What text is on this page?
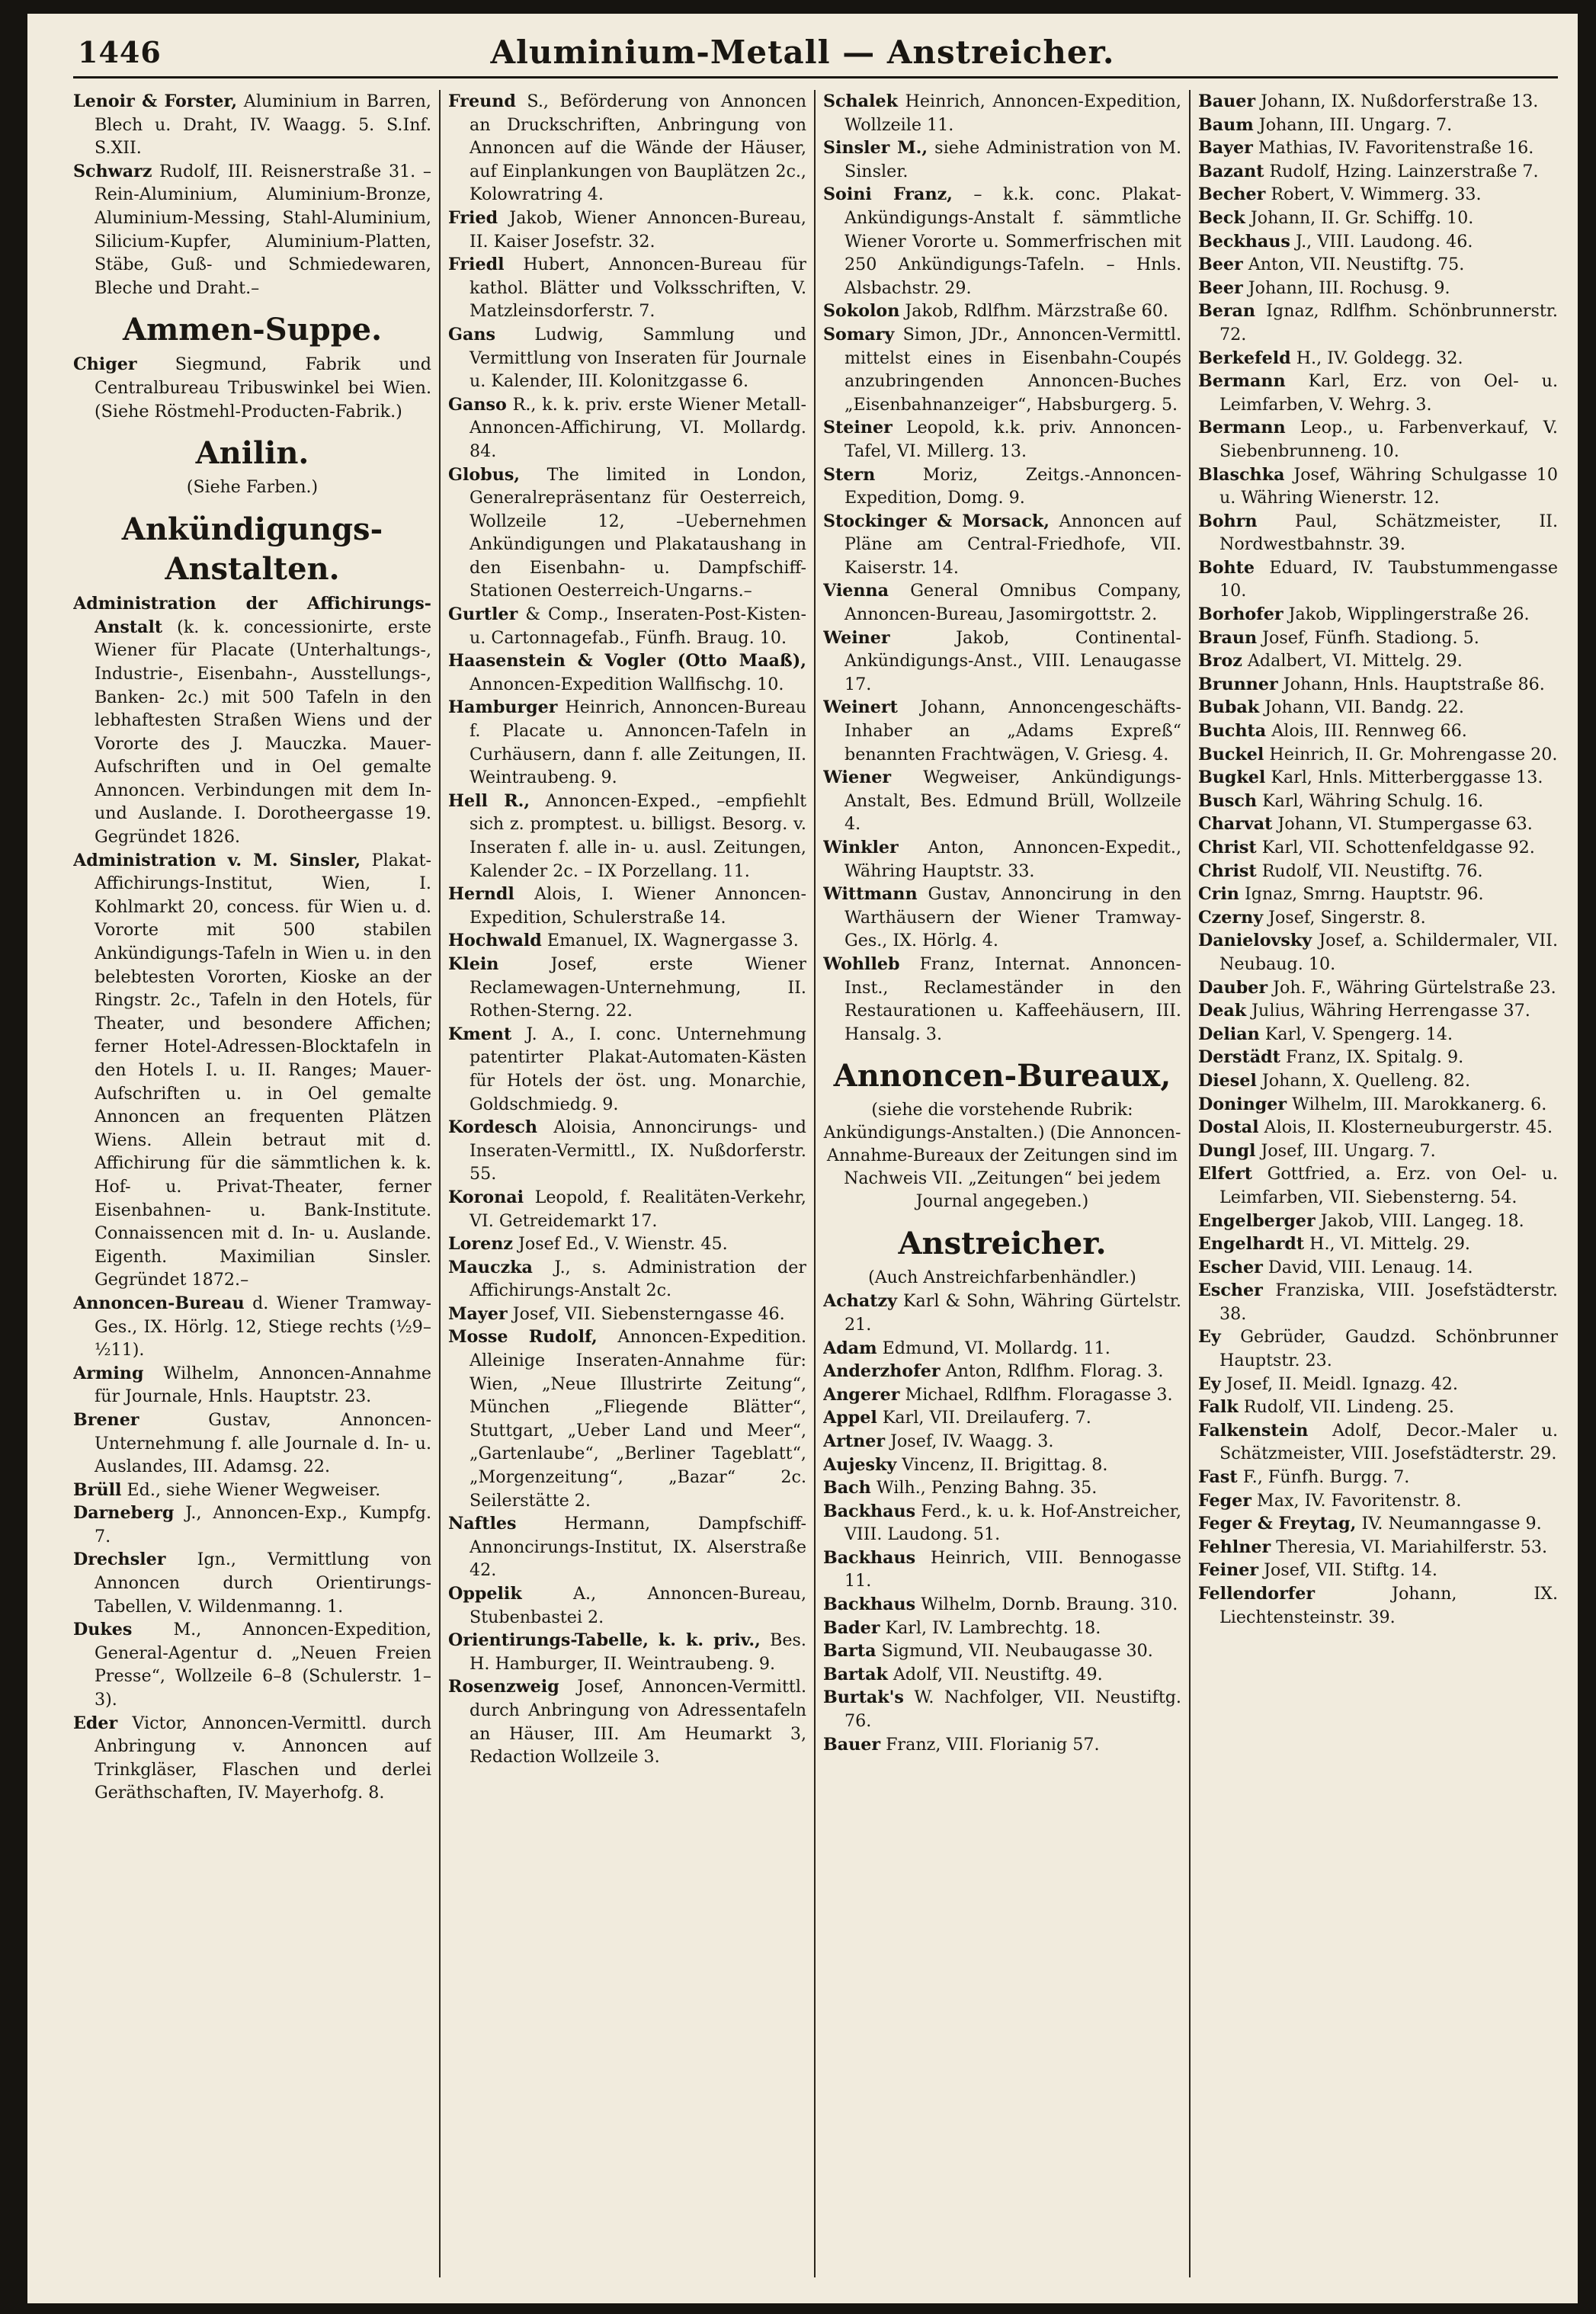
1446	Aluminium-Metall — Anstreicher.
Lenoir & Forster, Aluminium in Barren, Blech u. Draht, IV. Waagg. 5. S.Inf. S.XII.
Schwarz Rudolf, III. Reisnerstraße 31. –Rein-Aluminium, Aluminium-Bronze, Aluminium-Messing, Stahl-Aluminium, Silicium-Kupfer, Aluminium-Platten, Stäbe, Guß- und Schmiedewaren, Bleche und Draht.–
Ammen-Suppe.
Chiger Siegmund, Fabrik und Centralbureau Tribuswinkel bei Wien. (Siehe Röstmehl-Producten-Fabrik.)
Anilin.
(Siehe Farben.)
Ankündigungs-Anstalten.
Administration der Affichirungs-Anstalt (k. k. concessionirte, erste Wiener für Placate (Unterhaltungs-, Industrie-, Eisenbahn-, Ausstellungs-, Banken- 2c.) mit 500 Tafeln in den lebhaftesten Straßen Wiens und der Vororte des J. Mauczka. Mauer-Aufschriften und in Oel gemalte Annoncen. Verbindungen mit dem In- und Auslande. I. Dorotheergasse 19. Gegründet 1826.
Administration v. M. Sinsler, Plakat-Affichirungs-Institut, Wien, I. Kohlmarkt 20, concess. für Wien u. d. Vororte mit 500 stabilen Ankündigungs-Tafeln in Wien u. in den belebtesten Vororten, Kioske an der Ringstr. 2c., Tafeln in den Hotels, für Theater, und besondere Affichen; ferner Hotel-Adressen-Blocktafeln in den Hotels I. u. II. Ranges; Mauer-Aufschriften u. in Oel gemalte Annoncen an frequenten Plätzen Wiens. Allein betraut mit d. Affichirung für die sämmtlichen k. k. Hof- u. Privat-Theater, ferner Eisenbahnen- u. Bank-Institute. Connaissencen mit d. In- u. Auslande. Eigenth. Maximilian Sinsler. Gegründet 1872.–
Annoncen-Bureau d. Wiener Tramway-Ges., IX. Hörlg. 12, Stiege rechts (½9–½11).
Arming Wilhelm, Annoncen-Annahme für Journale, Hnls. Hauptstr. 23.
Brener Gustav, Annoncen-Unternehmung f. alle Journale d. In- u. Auslandes, III. Adamsg. 22.
Brüll Ed., siehe Wiener Wegweiser.
Darneberg J., Annoncen-Exp., Kumpfg. 7.
Drechsler Ign., Vermittlung von Annoncen durch Orientirungs-Tabellen, V. Wildenmanng. 1.
Dukes M., Annoncen-Expedition, General-Agentur d. „Neuen Freien Presse“, Wollzeile 6–8 (Schulerstr. 1–3).
Eder Victor, Annoncen-Vermittl. durch Anbringung v. Annoncen auf Trinkgläser, Flaschen und derlei Geräthschaften, IV. Mayerhofg. 8.
Freund S., Beförderung von Annoncen an Druckschriften, Anbringung von Annoncen auf die Wände der Häuser, auf Einplankungen von Bauplätzen 2c., Kolowratring 4.
Fried Jakob, Wiener Annoncen-Bureau, II. Kaiser Josefstr. 32.
Friedl Hubert, Annoncen-Bureau für kathol. Blätter und Volksschriften, V. Matzleinsdorferstr. 7.
Gans Ludwig, Sammlung und Vermittlung von Inseraten für Journale u. Kalender, III. Kolonitzgasse 6.
Ganso R., k. k. priv. erste Wiener Metall-Annoncen-Affichirung, VI. Mollardg. 84.
Globus, The limited in London, Generalrepräsentanz für Oesterreich, Wollzeile 12, –Uebernehmen Ankündigungen und Plakataushang in den Eisenbahn- u. Dampfschiff-Stationen Oesterreich-Ungarns.–
Gurtler & Comp., Inseraten-Post-Kisten- u. Cartonnagefab., Fünfh. Braug. 10.
Haasenstein & Vogler (Otto Maaß), Annoncen-Expedition Wallfischg. 10.
Hamburger Heinrich, Annoncen-Bureau f. Placate u. Annoncen-Tafeln in Curhäusern, dann f. alle Zeitungen, II. Weintraubeng. 9.
Hell R., Annoncen-Exped., –empfiehlt sich z. promptest. u. billigst. Besorg. v. Inseraten f. alle in- u. ausl. Zeitungen, Kalender 2c. – IX Porzellang. 11.
Herndl Alois, I. Wiener Annoncen-Expedition, Schulerstraße 14.
Hochwald Emanuel, IX. Wagnergasse 3.
Klein Josef, erste Wiener Reclamewagen-Unternehmung, II. Rothen-Sterng. 22.
Kment J. A., I. conc. Unternehmung patentirter Plakat-Automaten-Kästen für Hotels der öst. ung. Monarchie, Goldschmiedg. 9.
Kordesch Aloisia, Annoncirungs- und Inseraten-Vermittl., IX. Nußdorferstr. 55.
Koronai Leopold, f. Realitäten-Verkehr, VI. Getreidemarkt 17.
Lorenz Josef Ed., V. Wienstr. 45.
Mauczka J., s. Administration der Affichirungs-Anstalt 2c.
Mayer Josef, VII. Siebensterngasse 46.
Mosse Rudolf, Annoncen-Expedition. Alleinige Inseraten-Annahme für: Wien, „Neue Illustrirte Zeitung“, München „Fliegende Blätter“, Stuttgart, „Ueber Land und Meer“, „Gartenlaube“, „Berliner Tageblatt“, „Morgenzeitung“, „Bazar“ 2c. Seilerstätte 2.
Naftles Hermann, Dampfschiff-Annoncirungs-Institut, IX. Alserstraße 42.
Oppelik A., Annoncen-Bureau, Stubenbastei 2.
Orientirungs-Tabelle, k. k. priv., Bes. H. Hamburger, II. Weintraubeng. 9.
Rosenzweig Josef, Annoncen-Vermittl. durch Anbringung von Adressentafeln an Häuser, III. Am Heumarkt 3, Redaction Wollzeile 3.
Schalek Heinrich, Annoncen-Expedition, Wollzeile 11.
Sinsler M., siehe Administration von M. Sinsler.
Soini Franz, – k.k. conc. Plakat-Ankündigungs-Anstalt f. sämmtliche Wiener Vororte u. Sommerfrischen mit 250 Ankündigungs-Tafeln. – Hnls. Alsbachstr. 29.
Sokolon Jakob, Rdlfhm. Märzstraße 60.
Somary Simon, JDr., Annoncen-Vermittl. mittelst eines in Eisenbahn-Coupés anzubringenden Annoncen-Buches „Eisenbahnanzeiger“, Habsburgerg. 5.
Steiner Leopold, k.k. priv. Annoncen-Tafel, VI. Millerg. 13.
Stern Moriz, Zeitgs.-Annoncen-Expedition, Domg. 9.
Stockinger & Morsack, Annoncen auf Pläne am Central-Friedhofe, VII. Kaiserstr. 14.
Vienna General Omnibus Company, Annoncen-Bureau, Jasomirgottstr. 2.
Weiner Jakob, Continental-Ankündigungs-Anst., VIII. Lenaugasse 17.
Weinert Johann, Annoncengeschäfts-Inhaber an „Adams Expreß“ benannten Frachtwägen, V. Griesg. 4.
Wiener Wegweiser, Ankündigungs-Anstalt, Bes. Edmund Brüll, Wollzeile 4.
Winkler Anton, Annoncen-Expedit., Währing Hauptstr. 33.
Wittmann Gustav, Annoncirung in den Warthäusern der Wiener Tramway-Ges., IX. Hörlg. 4.
Wohlleb Franz, Internat. Annoncen-Inst., Reclameständer in den Restaurationen u. Kaffeehäusern, III. Hansalg. 3.
Annoncen-Bureaux,
(siehe die vorstehende Rubrik: Ankündigungs-Anstalten.) (Die Annoncen-Annahme-Bureaux der Zeitungen sind im Nachweis VII. „Zeitungen“ bei jedem Journal angegeben.)
Anstreicher.
(Auch Anstreichfarbenhändler.)
Achatzy Karl & Sohn, Währing Gürtelstr. 21.
Adam Edmund, VI. Mollardg. 11.
Anderzhofer Anton, Rdlfhm. Florag. 3.
Angerer Michael, Rdlfhm. Floragasse 3.
Appel Karl, VII. Dreilauferg. 7.
Artner Josef, IV. Waagg. 3.
Aujesky Vincenz, II. Brigittag. 8.
Bach Wilh., Penzing Bahng. 35.
Backhaus Ferd., k. u. k. Hof-Anstreicher, VIII. Laudong. 51.
Backhaus Heinrich, VIII. Bennogasse 11.
Backhaus Wilhelm, Dornb. Braung. 310.
Bader Karl, IV. Lambrechtg. 18.
Barta Sigmund, VII. Neubaugasse 30.
Bartak Adolf, VII. Neustiftg. 49.
Burtak's W. Nachfolger, VII. Neustiftg. 76.
Bauer Franz, VIII. Florianig 57.
Bauer Johann, IX. Nußdorferstraße 13.
Baum Johann, III. Ungarg. 7.
Bayer Mathias, IV. Favoritenstraße 16.
Bazant Rudolf, Hzing. Lainzerstraße 7.
Becher Robert, V. Wimmerg. 33.
Beck Johann, II. Gr. Schiffg. 10.
Beckhaus J., VIII. Laudong. 46.
Beer Anton, VII. Neustiftg. 75.
Beer Johann, III. Rochusg. 9.
Beran Ignaz, Rdlfhm. Schönbrunnerstr. 72.
Berkefeld H., IV. Goldegg. 32.
Bermann Karl, Erz. von Oel- u. Leimfarben, V. Wehrg. 3.
Bermann Leop., u. Farbenverkauf, V. Siebenbrunneng. 10.
Blaschka Josef, Währing Schulgasse 10 u. Währing Wienerstr. 12.
Bohrn Paul, Schätzmeister, II. Nordwestbahnstr. 39.
Bohte Eduard, IV. Taubstummengasse 10.
Borhofer Jakob, Wipplingerstraße 26.
Braun Josef, Fünfh. Stadiong. 5.
Broz Adalbert, VI. Mittelg. 29.
Brunner Johann, Hnls. Hauptstraße 86.
Bubak Johann, VII. Bandg. 22.
Buchta Alois, III. Rennweg 66.
Buckel Heinrich, II. Gr. Mohrengasse 20.
Bugkel Karl, Hnls. Mitterberggasse 13.
Busch Karl, Währing Schulg. 16.
Charvat Johann, VI. Stumpergasse 63.
Christ Karl, VII. Schottenfeldgasse 92.
Christ Rudolf, VII. Neustiftg. 76.
Crin Ignaz, Smrng. Hauptstr. 96.
Czerny Josef, Singerstr. 8.
Danielovsky Josef, a. Schildermaler, VII. Neubaug. 10.
Dauber Joh. F., Währing Gürtelstraße 23.
Deak Julius, Währing Herrengasse 37.
Delian Karl, V. Spengerg. 14.
Derstädt Franz, IX. Spitalg. 9.
Diesel Johann, X. Quelleng. 82.
Doninger Wilhelm, III. Marokkanerg. 6.
Dostal Alois, II. Klosterneuburgerstr. 45.
Dungl Josef, III. Ungarg. 7.
Elfert Gottfried, a. Erz. von Oel- u. Leimfarben, VII. Siebensterng. 54.
Engelberger Jakob, VIII. Langeg. 18.
Engelhardt H., VI. Mittelg. 29.
Escher David, VIII. Lenaug. 14.
Escher Franziska, VIII. Josefstädterstr. 38.
Ey Gebrüder, Gaudzd. Schönbrunner Hauptstr. 23.
Ey Josef, II. Meidl. Ignazg. 42.
Falk Rudolf, VII. Lindeng. 25.
Falkenstein Adolf, Decor.-Maler u. Schätzmeister, VIII. Josefstädterstr. 29.
Fast F., Fünfh. Burgg. 7.
Feger Max, IV. Favoritenstr. 8.
Feger & Freytag, IV. Neumanngasse 9.
Fehlner Theresia, VI. Mariahilferstr. 53.
Feiner Josef, VII. Stiftg. 14.
Fellendorfer Johann, IX. Liechtensteinstr. 39.
